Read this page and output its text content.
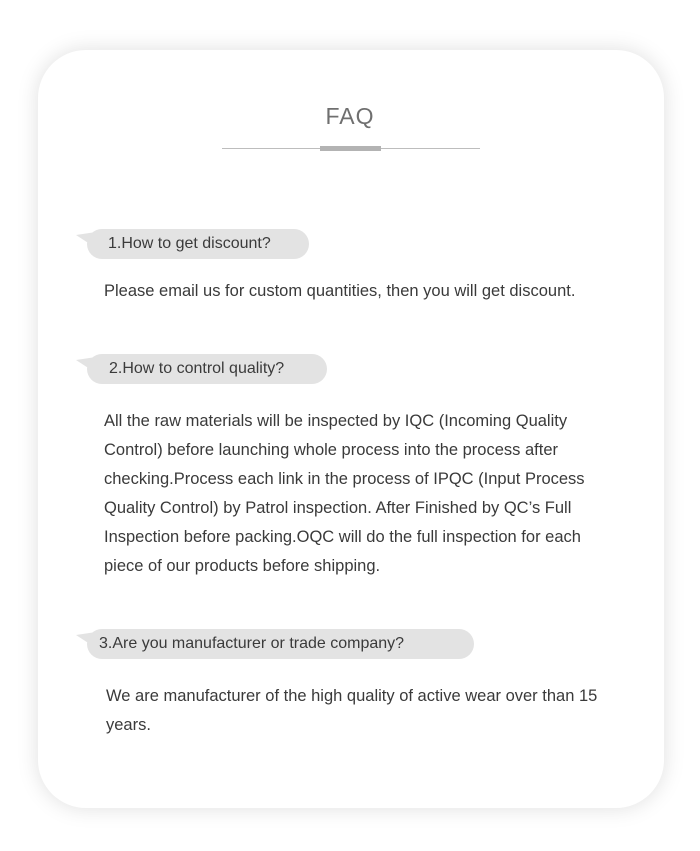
FAQ
1.How to get discount?
Please email us for custom quantities, then you will get discount.
2.How to control quality?
All the raw materials will be inspected by IQC (Incoming Quality Control) before launching whole process into the process after checking.Process each link in the process of IPQC (Input Process Quality Control) by Patrol inspection. After Finished by QC’s Full Inspection before packing.OQC will do the full inspection for each piece of our products before shipping.
3.Are you manufacturer or trade company?
We are manufacturer of the high quality of active wear over than 15 years.
